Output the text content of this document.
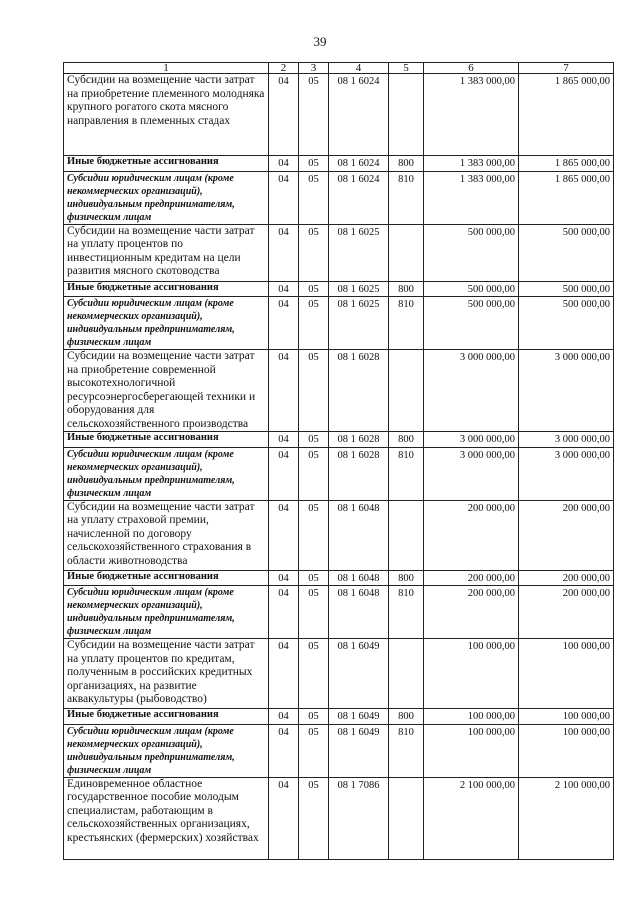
39
1	2	3	4	5	6	7
Субсидии на возмещение части затрат на приобретение племенного молодняка крупного рогатого скота мясного направления в племенных стадах	04	05	08 1 6024		1 383 000,00	1 865 000,00
Иные бюджетные ассигнования	04	05	08 1 6024	800	1 383 000,00	1 865 000,00
Субсидии юридическим лицам (кроме некоммерческих организаций), индивидуальным предпринимателям, физическим лицам	04	05	08 1 6024	810	1 383 000,00	1 865 000,00
Субсидии на возмещение части затрат на уплату процентов по инвестиционным кредитам на цели развития мясного скотоводства	04	05	08 1 6025		500 000,00	500 000,00
Иные бюджетные ассигнования	04	05	08 1 6025	800	500 000,00	500 000,00
Субсидии юридическим лицам (кроме некоммерческих организаций), индивидуальным предпринимателям, физическим лицам	04	05	08 1 6025	810	500 000,00	500 000,00
Субсидии на возмещение части затрат на приобретение современной высокотехнологичной ресурсоэнергосберегающей техники и оборудования для сельскохозяйственного производства	04	05	08 1 6028		3 000 000,00	3 000 000,00
Иные бюджетные ассигнования	04	05	08 1 6028	800	3 000 000,00	3 000 000,00
Субсидии юридическим лицам (кроме некоммерческих организаций), индивидуальным предпринимателям, физическим лицам	04	05	08 1 6028	810	3 000 000,00	3 000 000,00
Субсидии на возмещение части затрат на уплату страховой премии, начисленной по договору сельскохозяйственного страхования в области животноводства	04	05	08 1 6048		200 000,00	200 000,00
Иные бюджетные ассигнования	04	05	08 1 6048	800	200 000,00	200 000,00
Субсидии юридическим лицам (кроме некоммерческих организаций), индивидуальным предпринимателям, физическим лицам	04	05	08 1 6048	810	200 000,00	200 000,00
Субсидии на возмещение части затрат на уплату процентов по кредитам, полученным в российских кредитных организациях, на развитие аквакультуры (рыбоводство)	04	05	08 1 6049		100 000,00	100 000,00
Иные бюджетные ассигнования	04	05	08 1 6049	800	100 000,00	100 000,00
Субсидии юридическим лицам (кроме некоммерческих организаций), индивидуальным предпринимателям, физическим лицам	04	05	08 1 6049	810	100 000,00	100 000,00
Единовременное областное государственное пособие молодым специалистам, работающим в сельскохозяйственных организациях, крестьянских (фермерских) хозяйствах	04	05	08 1 7086		2 100 000,00	2 100 000,00
